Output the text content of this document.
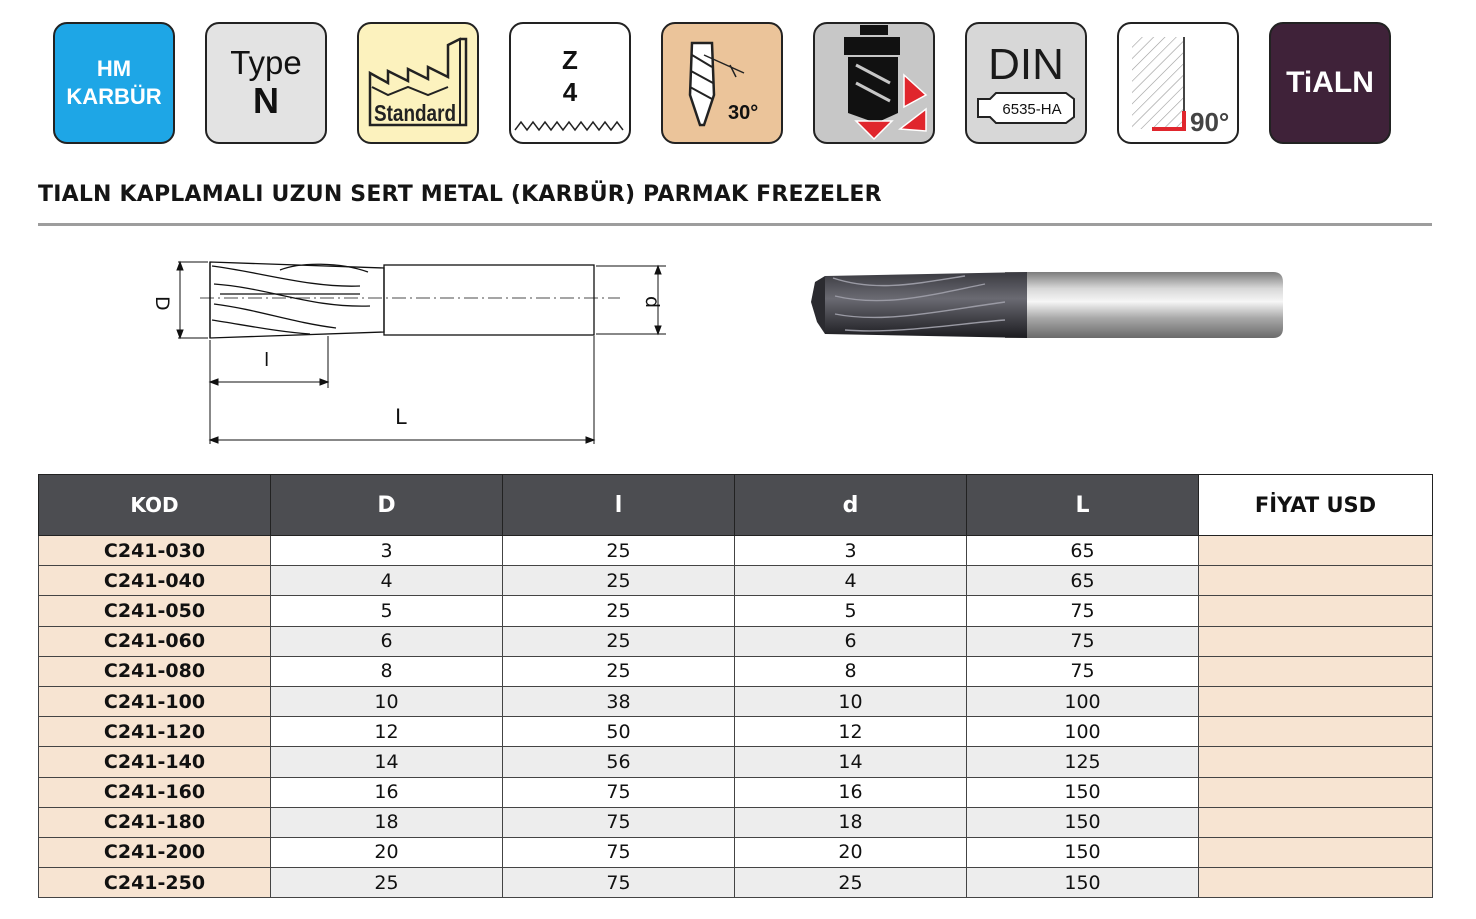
HM
KARBÜR
Type
N	Standard
Z
4
30°
DIN
6535-HA	90°
TiALN
TIALN KAPLAMALI UZUN SERT METAL (KARBÜR) PARMAK FREZELER
D	d
l
L
KOD	D	l	d	L	FİYAT USD
C241-030	3	25	3	65	
C241-040	4	25	4	65	
C241-050	5	25	5	75	
C241-060	6	25	6	75	
C241-080	8	25	8	75	
C241-100	10	38	10	100	
C241-120	12	50	12	100	
C241-140	14	56	14	125	
C241-160	16	75	16	150	
C241-180	18	75	18	150	
C241-200	20	75	20	150	
C241-250	25	75	25	150	
